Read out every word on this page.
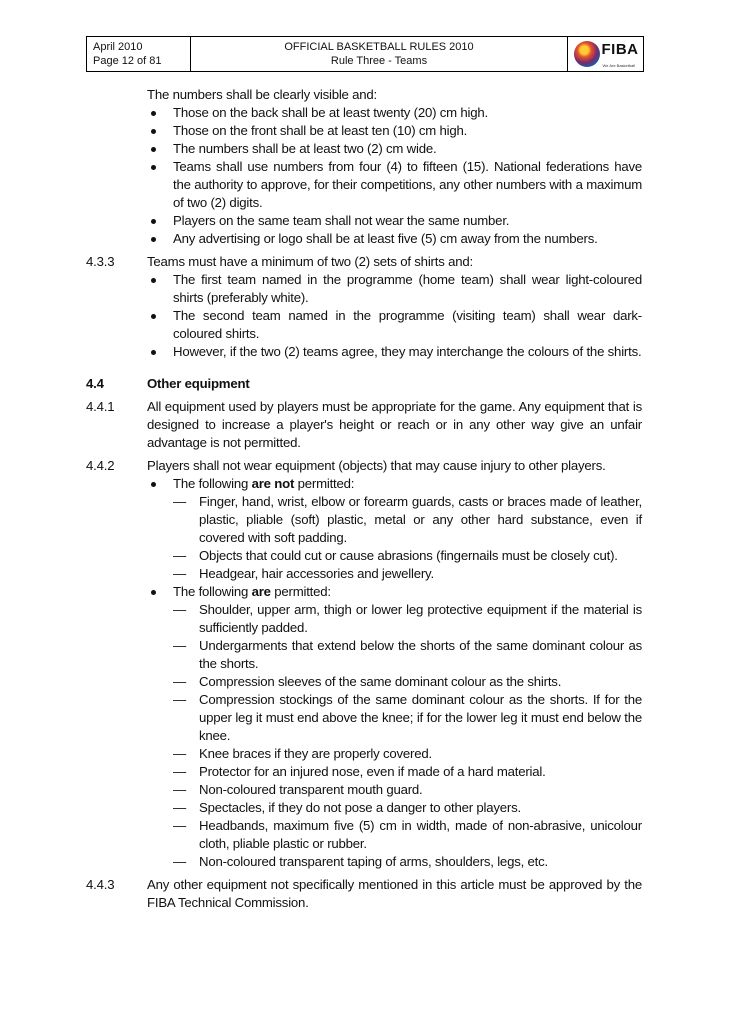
April 2010
Page 12 of 81
OFFICIAL BASKETBALL RULES 2010
Rule Three - Teams
FIBA
We Are Basketball

The numbers shall be clearly visible and:

Those on the back shall be at least twenty (20) cm high.
Those on the front shall be at least ten (10) cm high.
The numbers shall be at least two (2) cm wide.
Teams shall use numbers from four (4) to fifteen (15). National federations have the authority to approve, for their competitions, any other numbers with a maximum of two (2) digits.
Players on the same team shall not wear the same number.
Any advertising or logo shall be at least five (5) cm away from the numbers.
4.3.3	Teams must have a minimum of two (2) sets of shirts and:
The first team named in the programme (home team) shall wear light-coloured shirts (preferably white).
The second team named in the programme (visiting team) shall wear dark-coloured shirts.
However, if the two (2) teams agree, they may interchange the colours of the shirts.
4.4	Other equipment
4.4.1	All equipment used by players must be appropriate for the game. Any equipment that is designed to increase a player's height or reach or in any other way give an unfair advantage is not permitted.
4.4.2	Players shall not wear equipment (objects) that may cause injury to other players.
The following are not permitted:
— Finger, hand, wrist, elbow or forearm guards, casts or braces made of leather, plastic, pliable (soft) plastic, metal or any other hard substance, even if covered with soft padding.
— Objects that could cut or cause abrasions (fingernails must be closely cut).
— Headgear, hair accessories and jewellery.
The following are permitted:
— Shoulder, upper arm, thigh or lower leg protective equipment if the material is sufficiently padded.
— Undergarments that extend below the shorts of the same dominant colour as the shorts.
— Compression sleeves of the same dominant colour as the shirts.
— Compression stockings of the same dominant colour as the shorts. If for the upper leg it must end above the knee; if for the lower leg it must end below the knee.
— Knee braces if they are properly covered.
— Protector for an injured nose, even if made of a hard material.
— Non-coloured transparent mouth guard.
— Spectacles, if they do not pose a danger to other players.
— Headbands, maximum five (5) cm in width, made of non-abrasive, unicolour cloth, pliable plastic or rubber.
— Non-coloured transparent taping of arms, shoulders, legs, etc.
4.4.3	Any other equipment not specifically mentioned in this article must be approved by the FIBA Technical Commission.
